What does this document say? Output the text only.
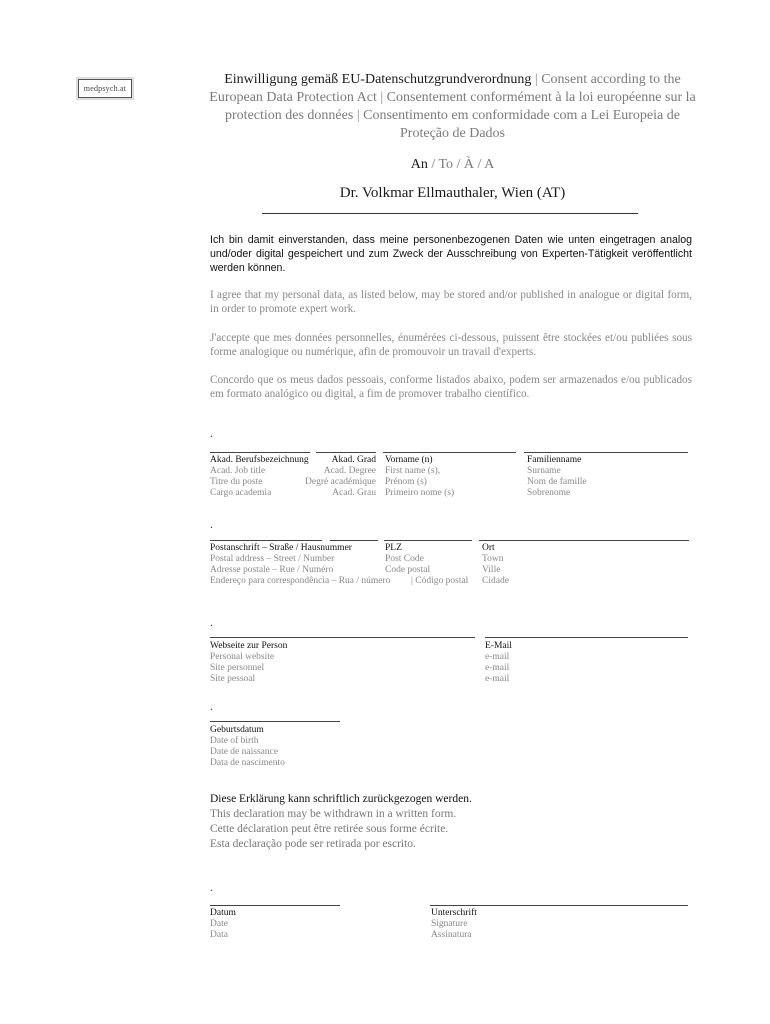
medpsych.at
Einwilligung gemäß EU-Datenschutzgrundverordnung | Consent according to the European Data Protection Act | Consentement conformément à la loi européenne sur la protection des données | Consentimento em conformidade com a Lei Europeia de Proteção de Dados
An / To / À / A
Dr. Volkmar Ellmauthaler, Wien (AT)
Ich bin damit einverstanden, dass meine personenbezogenen Daten wie unten eingetragen analog und/oder digital gespeichert und zum Zweck der Ausschreibung von Experten-Tätigkeit veröffentlicht werden können.
I agree that my personal data, as listed below, may be stored and/or published in analogue or digital form, in order to promote expert work.
J'accepte que mes données personnelles, énumérées ci-dessous, puissent être stockées et/ou publiées sous forme analogique ou numérique, afin de promouvoir un travail d'experts.
Concordo que os meus dados pessoais, conforme listados abaixo, podem ser armazenados e/ou publicados em formato analógico ou digital, a fim de promover trabalho científico.
.
Akad. Berufsbezeichnung
Acad. Job title
Titre du poste
Cargo academia
Akad. Grad
Acad. Degree
Degré académique
Acad. Grau
Vorname (n)
First name (s),
Prénom (s)
Primeiro nome (s)
Familienname
Surname
Nom de famille
Sobrenome
.
Postanschrift – Straße / Hausnummer
Postal address – Street / Number
Adresse postale – Rue / Numéro
Endereço para correspondência – Rua / número
PLZ
Post Code
Code postal
| Código postal
Ort
Town
Ville
Cidade
.
Webseite zur Person
Personal website
Site personnel
Site pessoal
E-Mail
e-mail
e-mail
e-mail
.
Geburtsdatum
Date of birth
Date de naissance
Data de nascimento
Diese Erklärung kann schriftlich zurückgezogen werden.
This declaration may be withdrawn in a written form.
Cette déclaration peut être retirée sous forme écrite.
Esta declaração pode ser retirada por escrito.
.
Datum
Date
Data
Unterschrift
Signature
Assinatura
